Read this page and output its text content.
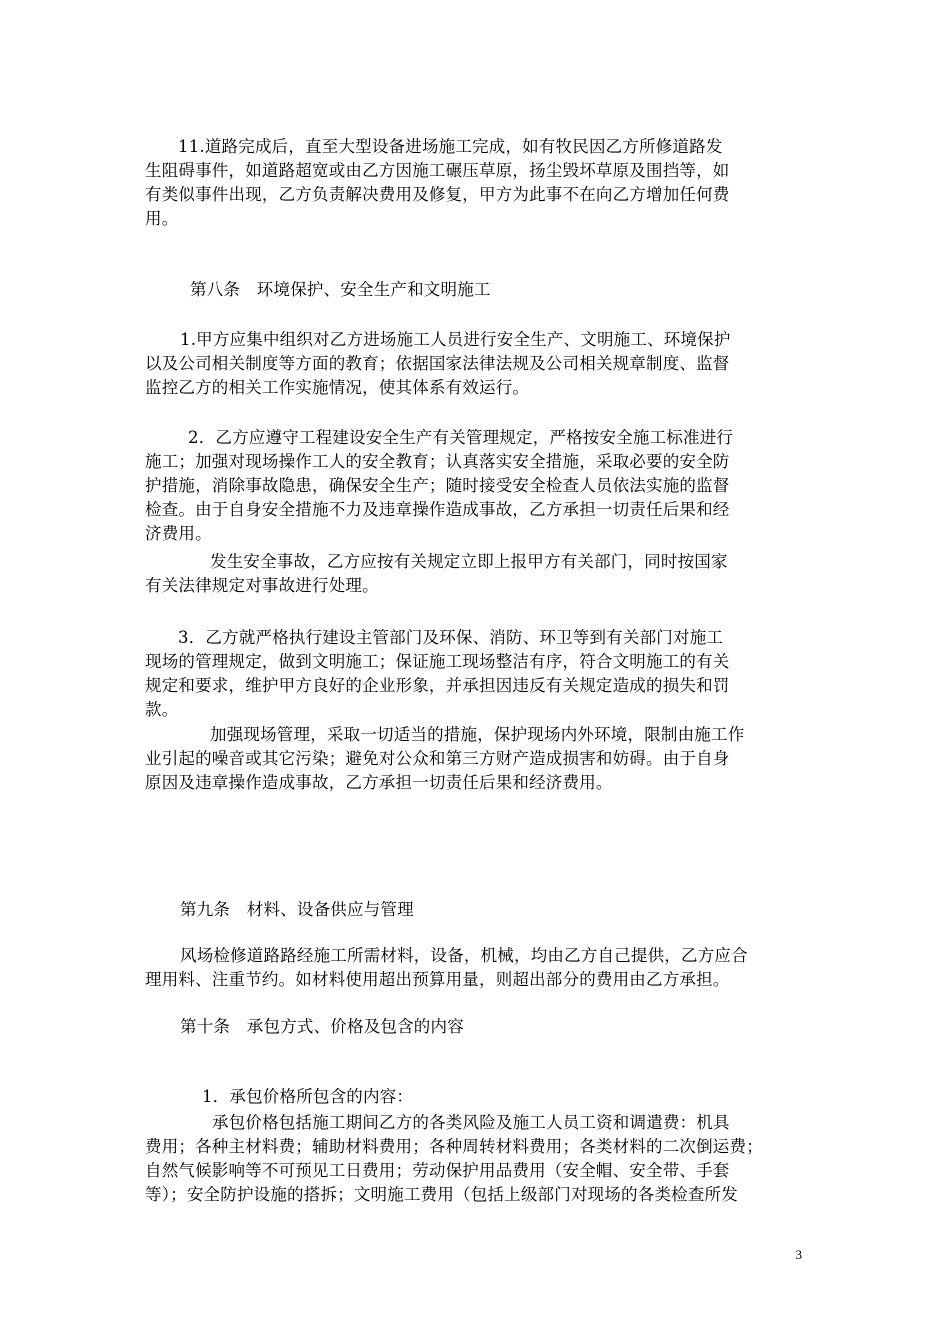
11.道路完成后，直至大型设备进场施工完成，如有牧民因乙方所修道路发
生阻碍事件，如道路超宽或由乙方因施工碾压草原，扬尘毁坏草原及围挡等，如
有类似事件出现，乙方负责解决费用及修复，甲方为此事不在向乙方增加任何费
用。
第八条　环境保护、安全生产和文明施工
1.甲方应集中组织对乙方进场施工人员进行安全生产、文明施工、环境保护
以及公司相关制度等方面的教育；依据国家法律法规及公司相关规章制度、监督
监控乙方的相关工作实施情况，使其体系有效运行。
2．乙方应遵守工程建设安全生产有关管理规定，严格按安全施工标准进行
施工；加强对现场操作工人的安全教育；认真落实安全措施，采取必要的安全防
护措施，消除事故隐患，确保安全生产；随时接受安全检查人员依法实施的监督
检查。由于自身安全措施不力及违章操作造成事故，乙方承担一切责任后果和经
济费用。
发生安全事故，乙方应按有关规定立即上报甲方有关部门，同时按国家
有关法律规定对事故进行处理。
3．乙方就严格执行建设主管部门及环保、消防、环卫等到有关部门对施工
现场的管理规定，做到文明施工；保证施工现场整洁有序，符合文明施工的有关
规定和要求，维护甲方良好的企业形象，并承担因违反有关规定造成的损失和罚
款。
加强现场管理，采取一切适当的措施，保护现场内外环境，限制由施工作
业引起的噪音或其它污染；避免对公众和第三方财产造成损害和妨碍。由于自身
原因及违章操作造成事故，乙方承担一切责任后果和经济费用。
第九条　材料、设备供应与管理
风场检修道路路经施工所需材料，设备，机械，均由乙方自己提供，乙方应合
理用料、注重节约。如材料使用超出预算用量，则超出部分的费用由乙方承担。
第十条　承包方式、价格及包含的内容
1．承包价格所包含的内容：
承包价格包括施工期间乙方的各类风险及施工人员工资和调遣费：机具
费用；各种主材料费；辅助材料费用；各种周转材料费用；各类材料的二次倒运费；
自然气候影响等不可预见工日费用；劳动保护用品费用（安全帽、安全带、手套
等）；安全防护设施的搭拆；文明施工费用（包括上级部门对现场的各类检查所发
3
